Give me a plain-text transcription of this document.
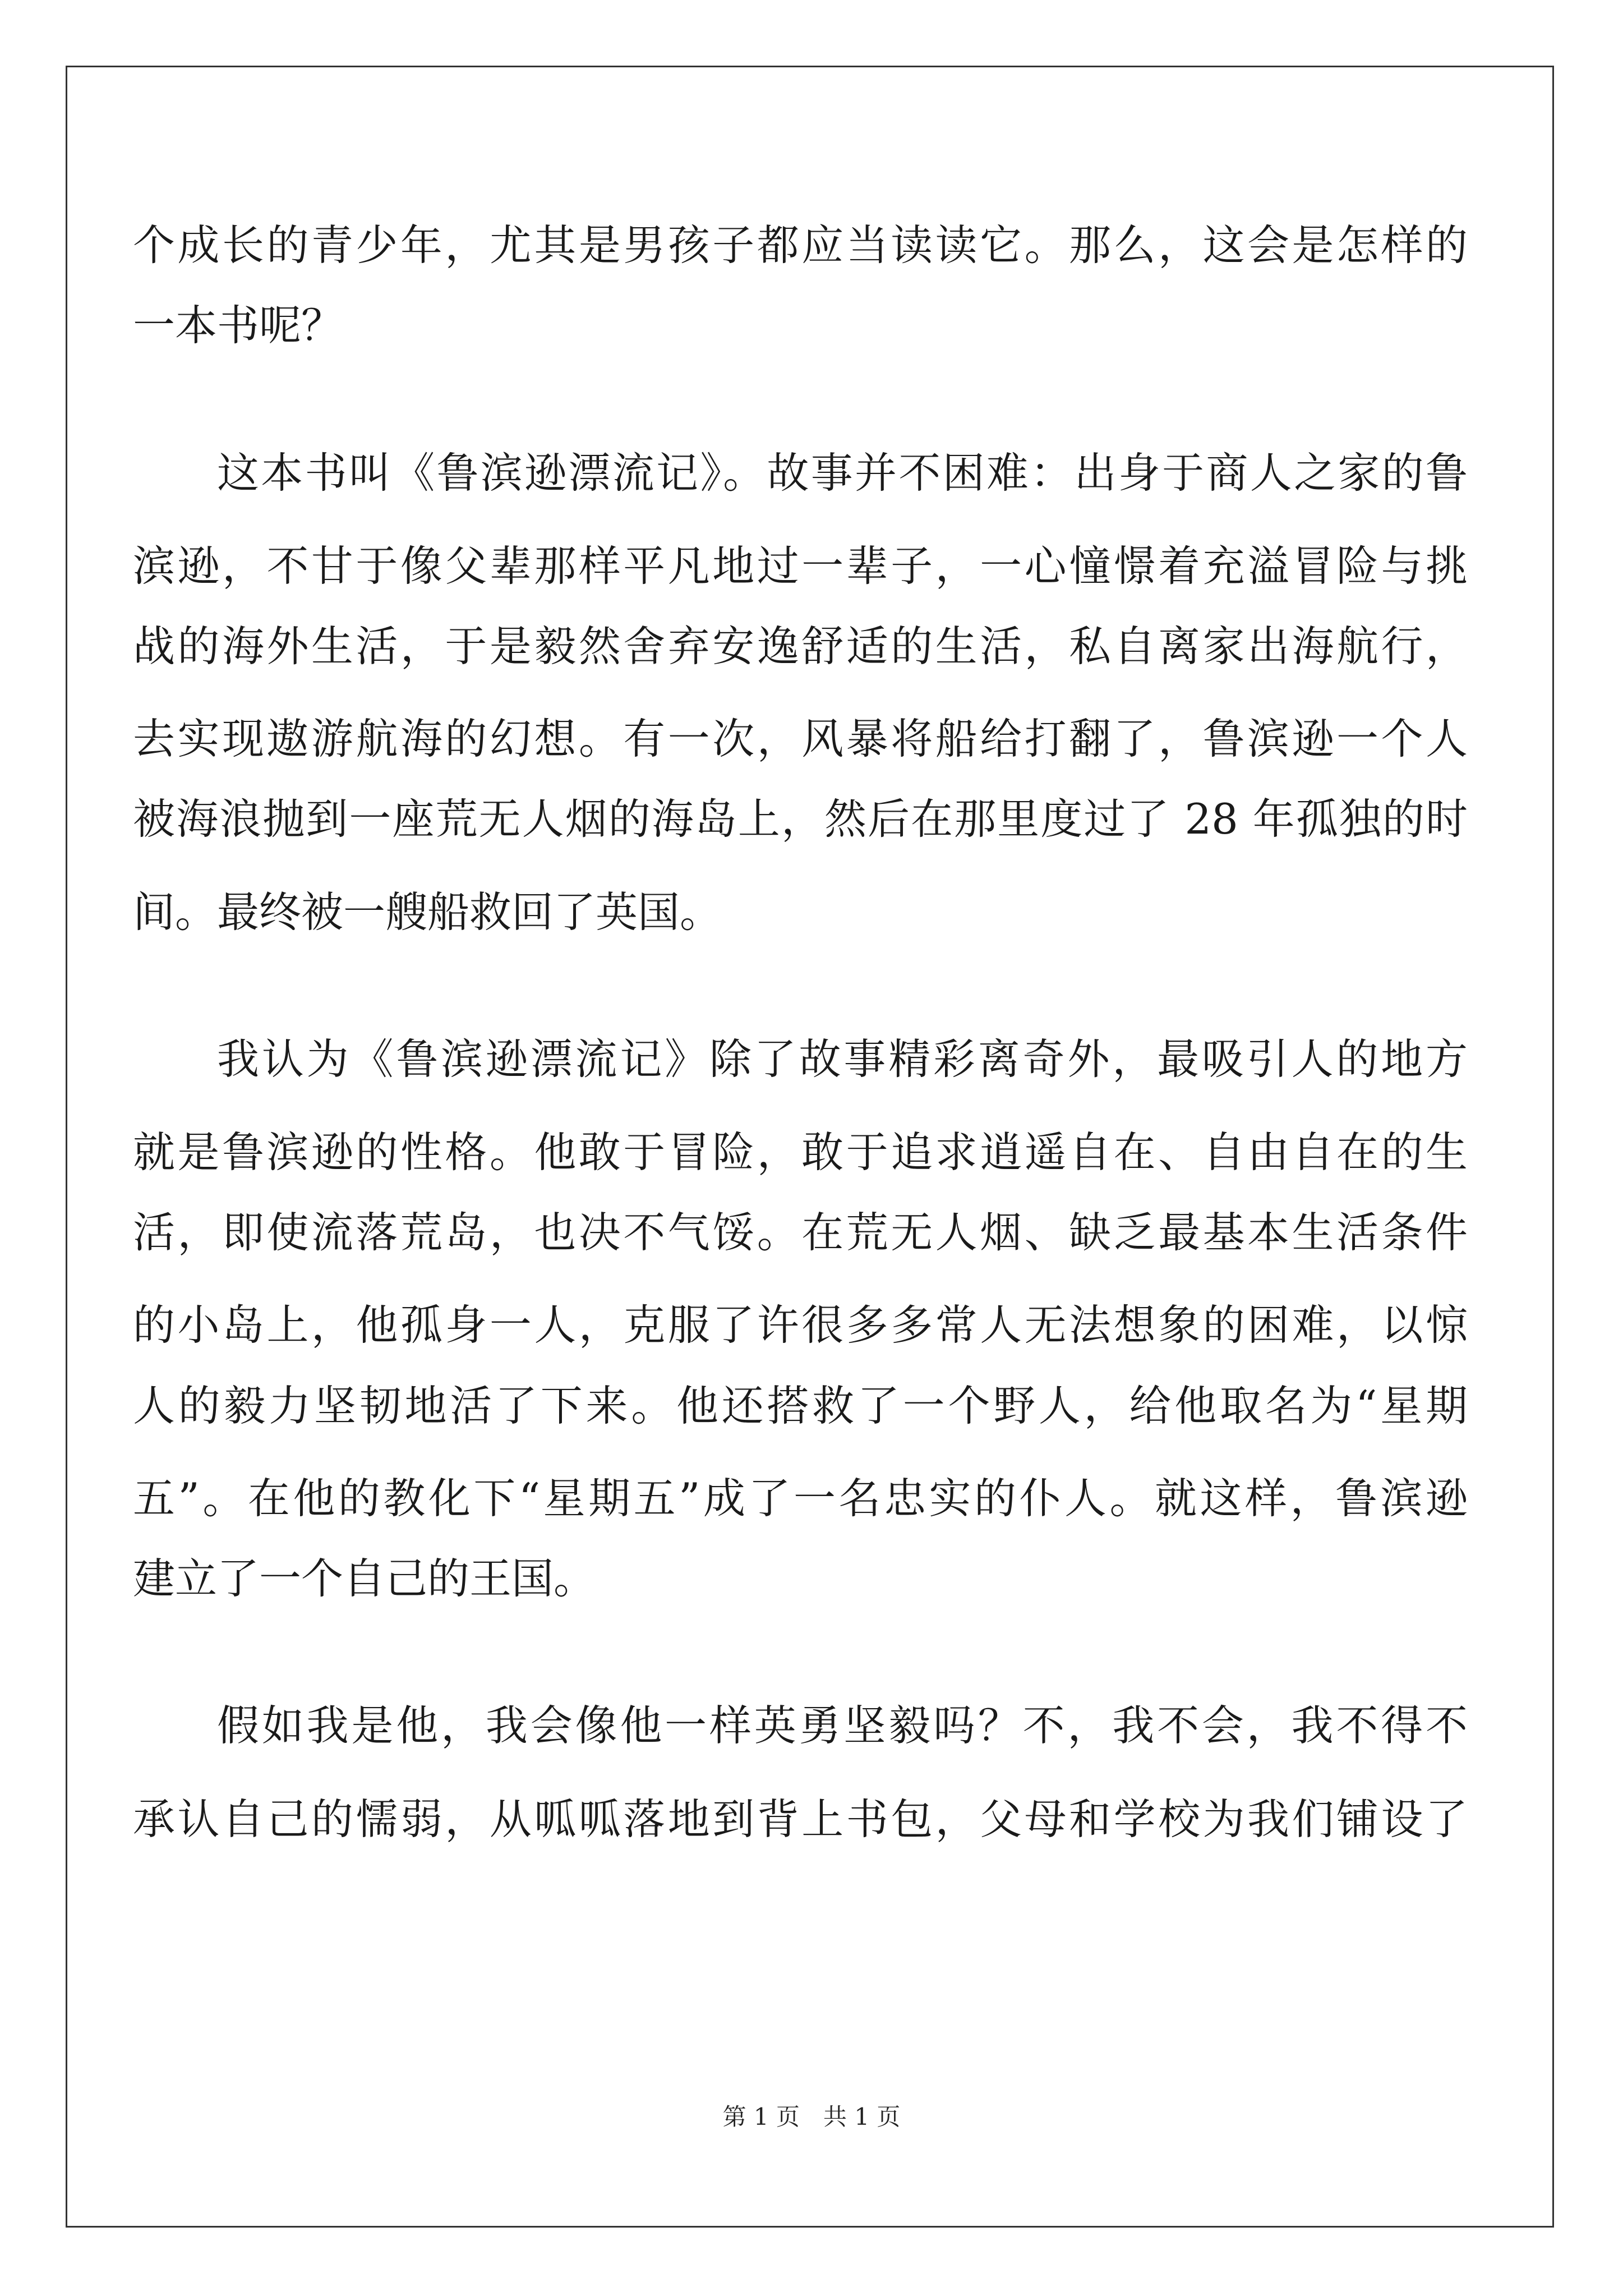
个成长的青少年，尤其是男孩子都应当读读它。那么，这会是怎样的
一本书呢？
这本书叫《鲁滨逊漂流记》。故事并不困难：出身于商人之家的鲁
滨逊，不甘于像父辈那样平凡地过一辈子，一心憧憬着充溢冒险与挑
战的海外生活，于是毅然舍弃安逸舒适的生活，私自离家出海航行，
去实现遨游航海的幻想。有一次，风暴将船给打翻了，鲁滨逊一个人
被海浪抛到一座荒无人烟的海岛上，然后在那里度过了 28 年孤独的时
间。最终被一艘船救回了英国。
我认为《鲁滨逊漂流记》除了故事精彩离奇外，最吸引人的地方
就是鲁滨逊的性格。他敢于冒险，敢于追求逍遥自在、自由自在的生
活，即使流落荒岛，也决不气馁。在荒无人烟、缺乏最基本生活条件
的小岛上，他孤身一人，克服了许很多多常人无法想象的困难，以惊
人的毅力坚韧地活了下来。他还搭救了一个野人，给他取名为“星期
五”。在他的教化下“星期五”成了一名忠实的仆人。就这样，鲁滨逊
建立了一个自己的王国。
假如我是他，我会像他一样英勇坚毅吗？不，我不会，我不得不
承认自己的懦弱，从呱呱落地到背上书包，父母和学校为我们铺设了
第 1 页　共 1 页
